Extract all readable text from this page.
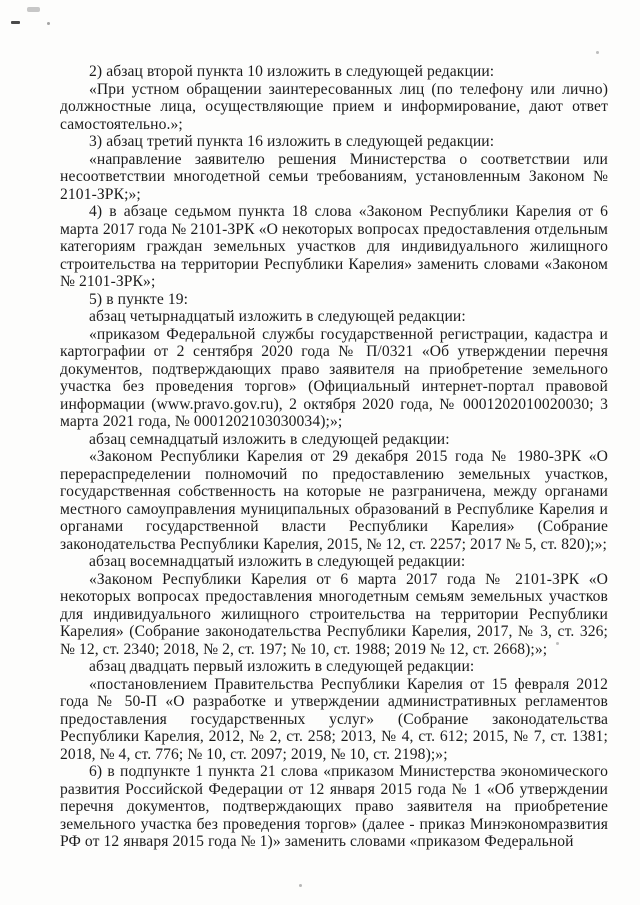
2) абзац второй пункта 10 изложить в следующей редакции:

«При устном обращении заинтересованных лиц (по телефону или лично) должностные лица, осуществляющие прием и информирование, дают ответ самостоятельно.»;

3) абзац третий пункта 16 изложить в следующей редакции:

«направление заявителю решения Министерства о соответствии или несоответствии многодетной семьи требованиям, установленным Законом № 2101-ЗРК;»;

4) в абзаце седьмом пункта 18 слова «Законом Республики Карелия от 6 марта 2017 года № 2101-ЗРК «О некоторых вопросах предоставления отдельным категориям граждан земельных участков для индивидуального жилищного строительства на территории Республики Карелия» заменить словами «Законом № 2101-ЗРК»;

5) в пункте 19:

абзац четырнадцатый изложить в следующей редакции:

«приказом Федеральной службы государственной регистрации, кадастра и картографии от 2 сентября 2020 года № П/0321 «Об утверждении перечня документов, подтверждающих право заявителя на приобретение земельного участка без проведения торгов» (Официальный интернет-портал правовой информации (www.pravo.gov.ru), 2 октября 2020 года, № 0001202010020030; 3 марта 2021 года, № 0001202103030034);»;

абзац семнадцатый изложить в следующей редакции:

«Законом Республики Карелия от 29 декабря 2015 года № 1980-ЗРК «О перераспределении полномочий по предоставлению земельных участков, государственная собственность на которые не разграничена, между органами местного самоуправления муниципальных образований в Республике Карелия и органами государственной власти Республики Карелия» (Собрание законодательства Республики Карелия, 2015, № 12, ст. 2257; 2017 № 5, ст. 820);»;

абзац восемнадцатый изложить в следующей редакции:

«Законом Республики Карелия от 6 марта 2017 года № 2101-ЗРК «О некоторых вопросах предоставления многодетным семьям земельных участков для индивидуального жилищного строительства на территории Республики Карелия» (Собрание законодательства Республики Карелия, 2017, № 3, ст. 326; № 12, ст. 2340; 2018, № 2, ст. 197; № 10, ст. 1988; 2019 № 12, ст. 2668);»;

абзац двадцать первый изложить в следующей редакции:

«постановлением Правительства Республики Карелия от 15 февраля 2012 года № 50-П «О разработке и утверждении административных регламентов предоставления государственных услуг» (Собрание законодательства Республики Карелия, 2012, № 2, ст. 258; 2013, № 4, ст. 612; 2015, № 7, ст. 1381; 2018, № 4, ст. 776; № 10, ст. 2097; 2019, № 10, ст. 2198);»;

6) в подпункте 1 пункта 21 слова «приказом Министерства экономического развития Российской Федерации от 12 января 2015 года № 1 «Об утверждении перечня документов, подтверждающих право заявителя на приобретение земельного участка без проведения торгов» (далее - приказ Минэкономразвития РФ от 12 января 2015 года № 1)» заменить словами «приказом Федеральной
